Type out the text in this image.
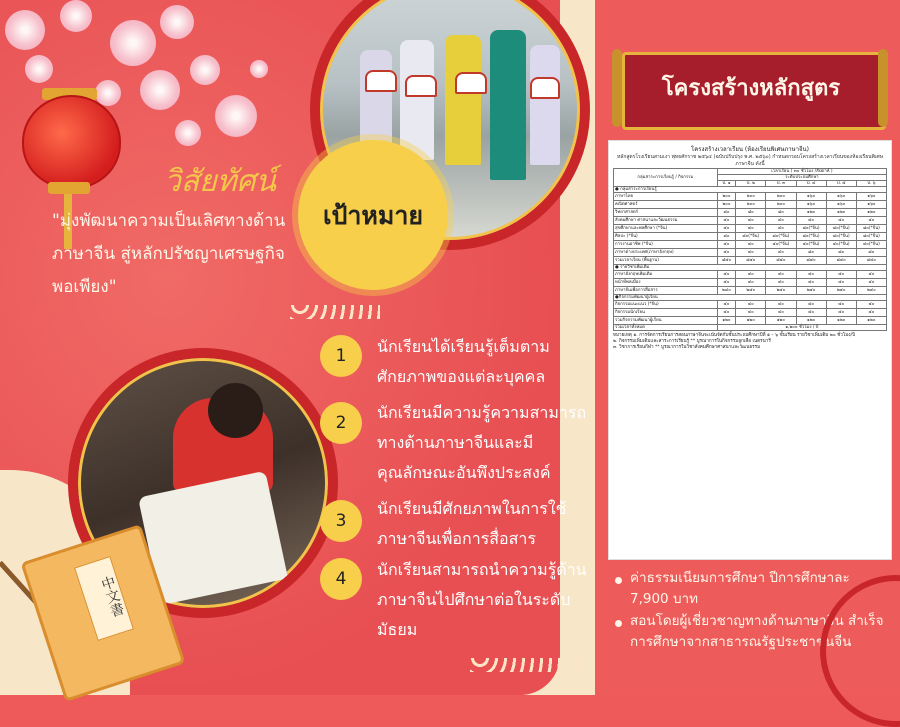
วิสัยทัศน์
"มุ่งพัฒนาความเป็นเลิศทางด้านภาษาจีน สู่หลักปรัชญาเศรษฐกิจพอเพียง"
เป้าหมาย
1	นักเรียนได้เรียนรู้เต็มตามศักยภาพของแต่ละบุคคล
2
นักเรียนมีความรู้ความสามารถทางด้านภาษาจีนและมีคุณลักษณะอันพึงประสงค์
3
นักเรียนมีศักยภาพในการใช้ภาษาจีนเพื่อการสื่อสาร
4	นักเรียนสามารถนำความรู้ด้านภาษาจีนไปศึกษาต่อในระดับมัธยม
โครงสร้างหลักสูตร
โครงสร้างเวลาเรียน (ห้องเรียนพิเศษภาษาจีน)
หลักสูตรโรงเรียนสามเงา พุทธศักราช ๒๕๖๔ (ฉบับปรับปรุง พ.ศ. ๒๕๖๐) กำหนดกรอบโครงสร้างเวลาเรียนของห้องเรียนพิเศษภาษาจีน ดังนี้
กลุ่มสาระการเรียนรู้ / กิจกรรม	เวลาเรียน ( ๓๐ ชั่วโมง /สัปดาห์ )					
	ระดับประถมศึกษา					
	ป. ๑	ป. ๒	ป. ๓	ป. ๔	ป. ๕	ป. ๖
● กลุ่มสาระการเรียนรู้						
ภาษาไทย	๒๐๐	๒๐๐	๒๐๐	๑๖๐	๑๖๐	๑๖๐
คณิตศาสตร์	๒๐๐	๒๐๐	๒๐๐	๑๖๐	๑๖๐	๑๖๐
วิทยาศาสตร์	๘๐	๘๐	๘๐	๑๒๐	๑๒๐	๑๒๐
สังคมศึกษา ศาสนาและวัฒนธรรม	๔๐	๔๐	๔๐	๔๐	๔๐	๔๐
สุขศึกษาและพลศึกษา (*จีน)	๔๐	๔๐	๔๐	๘๐(*จีน)	๘๐(*จีน)	๘๐(*จีน)
ศิลปะ (*จีน)	๘๐	๘๐(*จีน)	๘๐(*จีน)	๘๐(*จีน)	๘๐(*จีน)	๘๐(*จีน)
การงานอาชีพ (*จีน)	๔๐	๔๐	๔๐(*จีน)	๔๐(*จีน)	๔๐(*จีน)	๔๐(*จีน)
ภาษาต่างประเทศ(ภาษาอังกฤษ)	๔๐	๔๐	๔๐	๘๐	๘๐	๘๐
รวมเวลาเรียน (พื้นฐาน)	๘๔๐	๘๔๐	๘๔๐	๘๔๐	๘๔๐	๘๔๐
● รายวิชาเพิ่มเติม						
ภาษาอังกฤษเพิ่มเติม	๔๐	๔๐	๔๐	๔๐	๔๐	๔๐
หน้าที่พลเมือง	๔๐	๔๐	๔๐	๔๐	๔๐	๔๐
ภาษาจีนเพื่อการสื่อสาร	๒๔๐	๒๔๐	๒๔๐	๒๔๐	๒๔๐	๒๔๐
●กิจกรรมพัฒนาผู้เรียน						
กิจกรรมแนะแนว (*จีน)	๔๐	๔๐	๔๐	๔๐	๔๐	๔๐
กิจกรรมนักเรียน	๔๐	๔๐	๔๐	๔๐	๔๐	๔๐
รวมกิจกรรมพัฒนาผู้เรียน	๑๒๐	๑๒๐	๑๒๐	๑๒๐	๑๒๐	๑๒๐
รวมเวลาทั้งหมด	๑,๒๐๐ ชั่วโมง / ปี					
หมายเหตุ ๑. การจัดการเรียนการสอนภาษาจีนจะเน้นจัดกับชั้นประถมศึกษาปีที่ ๑ – ๖ ขั้นเรียน รายวิชาเพิ่มเติม ๒๐ ชั่วโมง/ปี
๒. กิจกรรมเพิ่มเติมและสาระการเรียนรู้ ** บูรณาการในกิจกรรมลูกเสือ เนตรนารี
๓. วิชาการเรียนกีฬา ** บูรณาการในวิชาสังคมศึกษาศาสนาและวัฒนธรรม
ค่าธรรมเนียมการศึกษา ปีการศึกษาละ 7,900 บาท
สอนโดยผู้เชี่ยวชาญทางด้านภาษาจีน สำเร็จการศึกษาจากสาธารณรัฐประชาชนจีน
中文書
